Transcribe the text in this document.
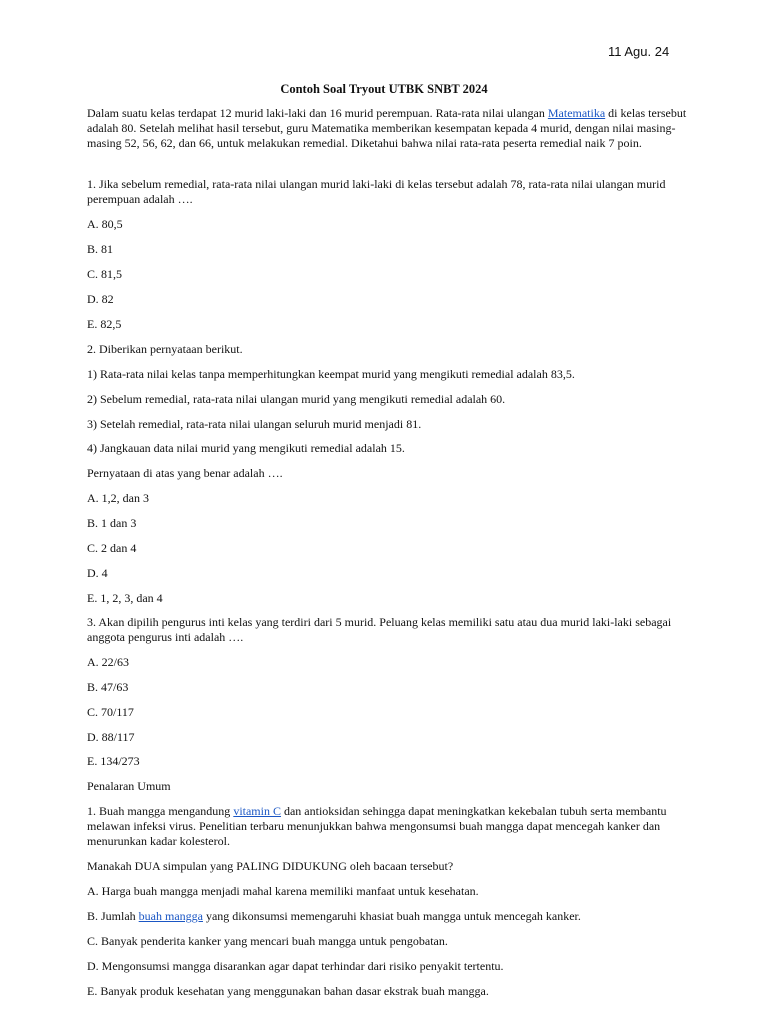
11 Agu. 24
Contoh Soal Tryout UTBK SNBT 2024

Dalam suatu kelas terdapat 12 murid laki-laki dan 16 murid perempuan. Rata-rata nilai ulangan Matematika di kelas tersebut adalah 80. Setelah melihat hasil tersebut, guru Matematika memberikan kesempatan kepada 4 murid, dengan nilai masing-masing 52, 56, 62, dan 66, untuk melakukan remedial. Diketahui bahwa nilai rata-rata peserta remedial naik 7 poin.

1. Jika sebelum remedial, rata-rata nilai ulangan murid laki-laki di kelas tersebut adalah 78, rata-rata nilai ulangan murid perempuan adalah ….

A. 80,5

B. 81

C. 81,5

D. 82

E. 82,5

2. Diberikan pernyataan berikut.

1) Rata-rata nilai kelas tanpa memperhitungkan keempat murid yang mengikuti remedial adalah 83,5.

2) Sebelum remedial, rata-rata nilai ulangan murid yang mengikuti remedial adalah 60.

3) Setelah remedial, rata-rata nilai ulangan seluruh murid menjadi 81.

4) Jangkauan data nilai murid yang mengikuti remedial adalah 15.

Pernyataan di atas yang benar adalah ….

A. 1,2, dan 3

B. 1 dan 3

C. 2 dan 4

D. 4

E. 1, 2, 3, dan 4

3. Akan dipilih pengurus inti kelas yang terdiri dari 5 murid. Peluang kelas memiliki satu atau dua murid laki-laki sebagai anggota pengurus inti adalah ….

A. 22/63

B. 47/63

C. 70/117

D. 88/117

E. 134/273

Penalaran Umum

1. Buah mangga mengandung vitamin C dan antioksidan sehingga dapat meningkatkan kekebalan tubuh serta membantu melawan infeksi virus. Penelitian terbaru menunjukkan bahwa mengonsumsi buah mangga dapat mencegah kanker dan menurunkan kadar kolesterol.

Manakah DUA simpulan yang PALING DIDUKUNG oleh bacaan tersebut?

A. Harga buah mangga menjadi mahal karena memiliki manfaat untuk kesehatan.

B. Jumlah buah mangga yang dikonsumsi memengaruhi khasiat buah mangga untuk mencegah kanker.

C. Banyak penderita kanker yang mencari buah mangga untuk pengobatan.

D. Mengonsumsi mangga disarankan agar dapat terhindar dari risiko penyakit tertentu.

E. Banyak produk kesehatan yang menggunakan bahan dasar ekstrak buah mangga.
